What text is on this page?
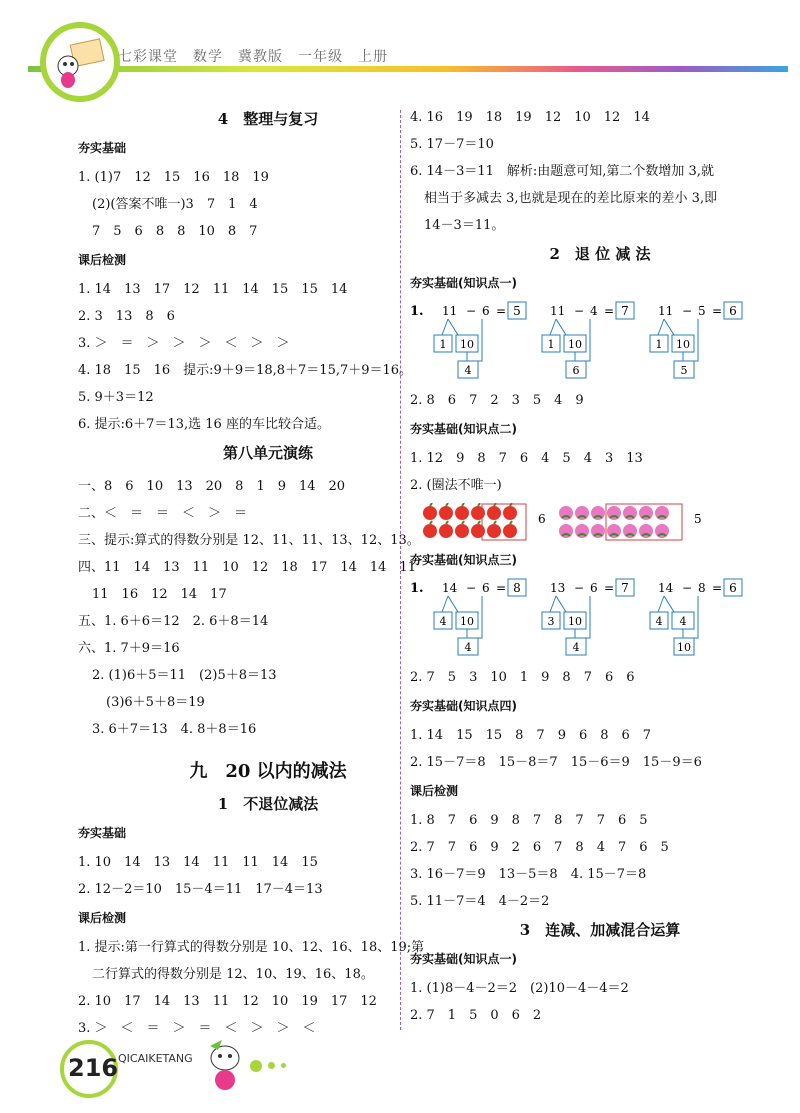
七彩课堂　数学　冀教版　一年级　上册
4　整理与复习
夯实基础
1. (1)7　12　15　16　18　19
(2)(答案不唯一)3　7　1　4
7　5　6　8　8　10　8　7
课后检测
1. 14　13　17　12　11　14　15　15　14
2. 3　13　8　6
3. ＞　＝　＞　＞　＞　＜　＞　＞
4. 18　15　16　提示:9＋9＝18,8＋7＝15,7＋9＝16。
5. 9＋3＝12
6. 提示:6＋7＝13,选 16 座的车比较合适。
第八单元演练
一、8　6　10　13　20　8　1　9　14　20
二、＜　＝　＝　＜　＞　＝
三、提示:算式的得数分别是 12、11、11、13、12、13。
四、11　14　13　11　10　12　18　17　14　14　11
11　16　12　14　17
五、1. 6＋6＝12　2. 6＋8＝14
六、1. 7＋9＝16
2. (1)6＋5＝11　(2)5＋8＝13
(3)6＋5＋8＝19
3. 6＋7＝13　4. 8＋8＝16
九　20 以内的减法
1　不退位减法
夯实基础
1. 10　14　13　14　11　11　14　15
2. 12－2＝10　15－4＝11　17－4＝13
课后检测
1. 提示:第一行算式的得数分别是 10、12、16、18、19;第
二行算式的得数分别是 12、10、19、16、18。
2. 10　17　14　13　11　12　10　19　17　12
3. ＞　＜　＝　＞　＝　＜　＞　＞　＜
4. 16　19　18　19　12　10　12　14
5. 17－7＝10
6. 14－3＝11　解析:由题意可知,第二个数增加 3,就
相当于多减去 3,也就是现在的差比原来的差小 3,即
14－3＝11。
2　退 位 减 法
夯实基础(知识点一)
1. 11 − 6 = 5
1 10
4
11 − 4 = 7
1 10
6
11 − 5 = 6
1 10
5
2. 8　6　7　2　3　5　4　9
夯实基础(知识点二)
1. 12　9　8　7　6　4　5　4　3　13
2. (圈法不唯一)
6	5
夯实基础(知识点三)
1. 14 − 6 = 8
4 10
4
13 − 6 = 7
3 10
4
14 − 8 = 6
4 4
10
2. 7　5　3　10　1　9　8　7　6　6
夯实基础(知识点四)
1. 14　15　15　8　7　9　6　8　6　7
2. 15－7＝8　15－8＝7　15－6＝9　15－9＝6
课后检测
1. 8　7　6　9　8　7　8　7　7　6　5
2. 7　7　6　9　2　6　7　8　4　7　6　5
3. 16－7＝9　13－5＝8　4. 15－7＝8
5. 11－7＝4　4－2＝2
3　连减、加减混合运算
夯实基础(知识点一)
1. (1)8－4－2＝2　(2)10－4－4＝2
2. 7　1　5　0　6　2
216 QICAIKETANG
